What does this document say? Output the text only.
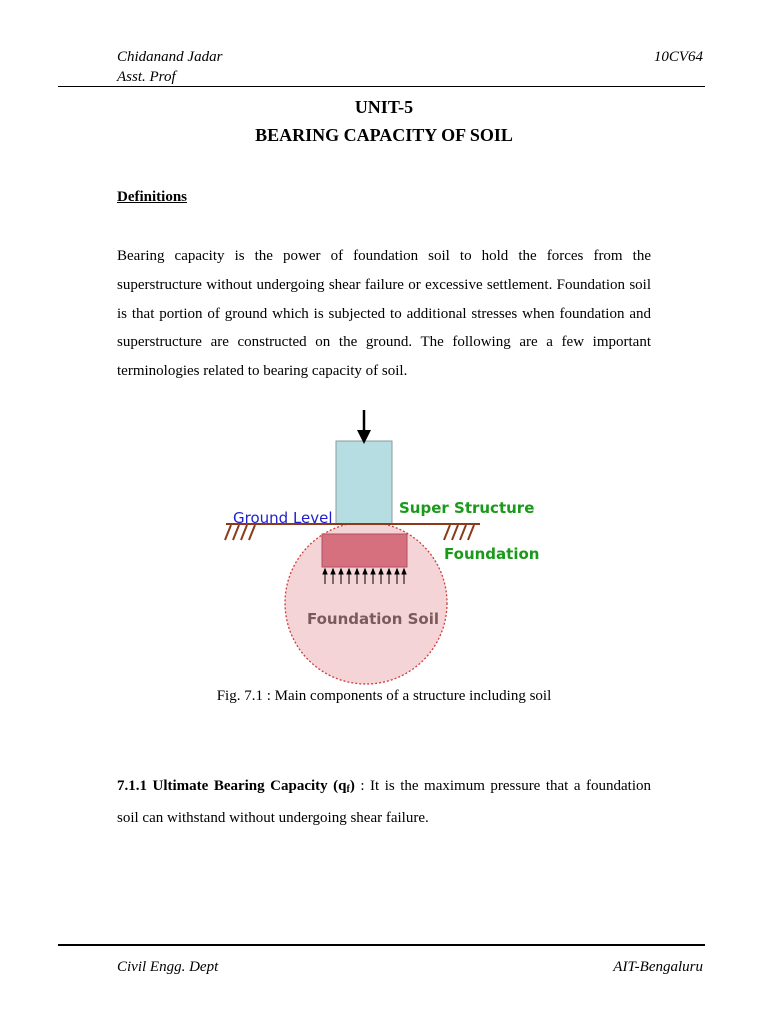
Chidanand Jadar
Asst. Prof
10CV64
UNIT-5
BEARING CAPACITY OF SOIL
Definitions
Bearing capacity is the power of foundation soil to hold the forces from the superstructure without undergoing shear failure or excessive settlement. Foundation soil is that portion of ground which is subjected to additional stresses when foundation and superstructure are constructed on the ground. The following are a few important terminologies related to bearing capacity of soil.
Ground Level
Super Structure
Foundation
Foundation Soil
Fig. 7.1 : Main components of a structure including soil
7.1.1 Ultimate Bearing Capacity $(q_f)$ : It is the maximum pressure that a foundation soil can withstand without undergoing shear failure.
Civil Engg. Dept	AIT-Bengaluru
